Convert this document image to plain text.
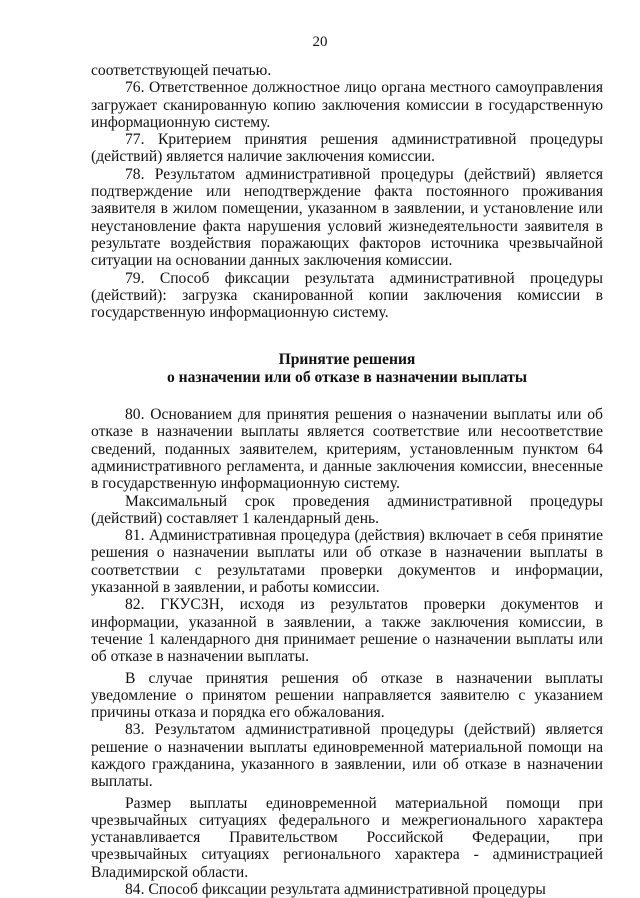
20

соответствующей печатью.

76. Ответственное должностное лицо органа местного самоуправления загружает сканированную копию заключения комиссии в государственную информационную систему.

77. Критерием принятия решения административной процедуры (действий) является наличие заключения комиссии.

78. Результатом административной процедуры (действий) является подтверждение или неподтверждение факта постоянного проживания заявителя в жилом помещении, указанном в заявлении, и установление или неустановление факта нарушения условий жизнедеятельности заявителя в результате воздействия поражающих факторов источника чрезвычайной ситуации на основании данных заключения комиссии.

79. Способ фиксации результата административной процедуры (действий): загрузка сканированной копии заключения комиссии в государственную информационную систему.

Принятие решения
о назначении или об отказе в назначении выплаты

80. Основанием для принятия решения о назначении выплаты или об отказе в назначении выплаты является соответствие или несоответствие сведений, поданных заявителем, критериям, установленным пунктом 64 административного регламента, и данные заключения комиссии, внесенные в государственную информационную систему.

Максимальный срок проведения административной процедуры (действий) составляет 1 календарный день.

81. Административная процедура (действия) включает в себя принятие решения о назначении выплаты или об отказе в назначении выплаты в соответствии с результатами проверки документов и информации, указанной в заявлении, и работы комиссии.

82. ГКУСЗН, исходя из результатов проверки документов и информации, указанной в заявлении, а также заключения комиссии, в течение 1 календарного дня принимает решение о назначении выплаты или об отказе в назначении выплаты.

В случае принятия решения об отказе в назначении выплаты уведомление о принятом решении направляется заявителю с указанием причины отказа и порядка его обжалования.

83. Результатом административной процедуры (действий) является решение о назначении выплаты единовременной материальной помощи на каждого гражданина, указанного в заявлении, или об отказе в назначении выплаты.

Размер выплаты единовременной материальной помощи при чрезвычайных ситуациях федерального и межрегионального характера устанавливается Правительством Российской Федерации, при чрезвычайных ситуациях регионального характера - администрацией Владимирской области.

84. Способ фиксации результата административной процедуры
